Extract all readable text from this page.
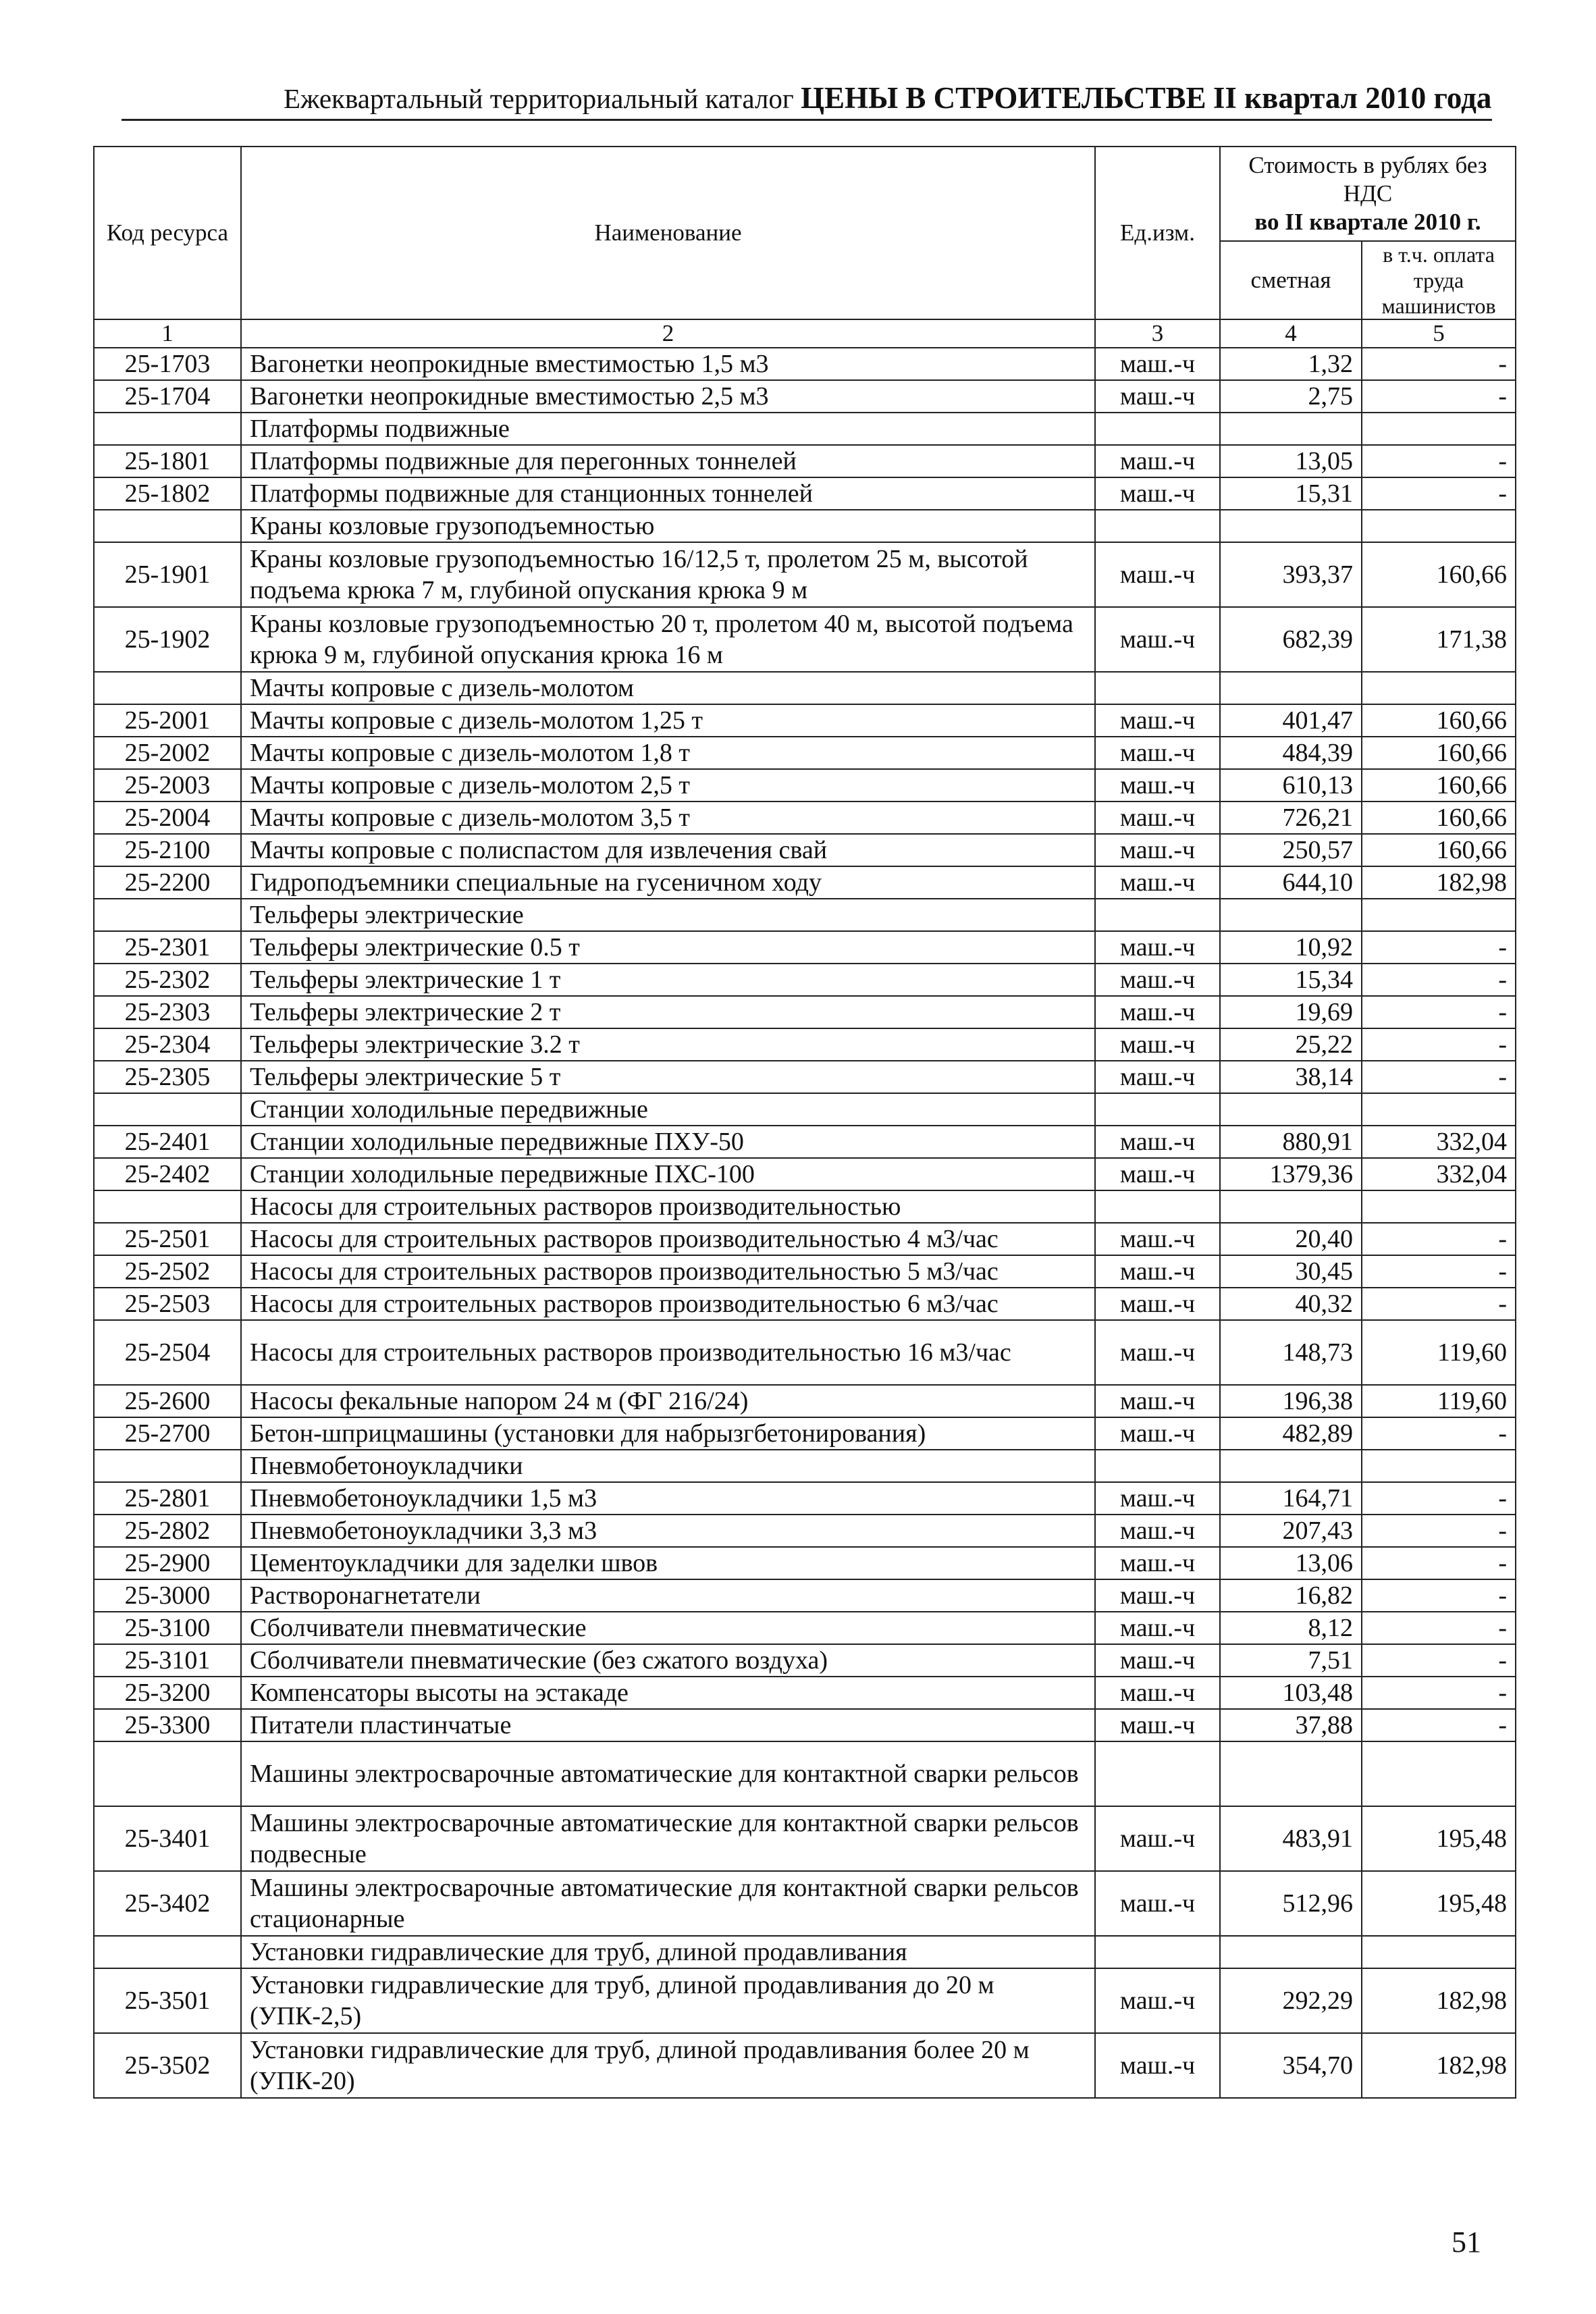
Ежеквартальный территориальный каталог ЦЕНЫ В СТРОИТЕЛЬСТВЕ II квартал 2010 года
Код ресурса	Наименование	Ед.изм.	Стоимость в рублях без НДС
во II квартале 2010 г.	

			сметная	в т.ч. оплата труда машинистов
1	2	3	4	5
25-1703	Вагонетки неопрокидные вместимостью 1,5 м3	маш.-ч	1,32	-
25-1704	Вагонетки неопрокидные вместимостью 2,5 м3	маш.-ч	2,75	-
	Платформы подвижные			
25-1801	Платформы подвижные для перегонных тоннелей	маш.-ч	13,05	-
25-1802	Платформы подвижные для станционных тоннелей	маш.-ч	15,31	-
	Краны козловые грузоподъемностью			
25-1901	Краны козловые грузоподъемностью 16/12,5 т, пролетом 25 м, высотой подъема крюка 7 м, глубиной опускания крюка 9 м	маш.-ч	393,37	160,66
25-1902	Краны козловые грузоподъемностью 20 т, пролетом 40 м, высотой подъема крюка 9 м, глубиной опускания крюка 16 м	маш.-ч	682,39	171,38
	Мачты копровые с дизель-молотом			
25-2001	Мачты копровые с дизель-молотом 1,25 т	маш.-ч	401,47	160,66
25-2002	Мачты копровые с дизель-молотом 1,8 т	маш.-ч	484,39	160,66
25-2003	Мачты копровые с дизель-молотом 2,5 т	маш.-ч	610,13	160,66
25-2004	Мачты копровые с дизель-молотом 3,5 т	маш.-ч	726,21	160,66
25-2100	Мачты копровые с полиспастом для извлечения свай	маш.-ч	250,57	160,66
25-2200	Гидроподъемники специальные на гусеничном ходу	маш.-ч	644,10	182,98
	Тельферы электрические			
25-2301	Тельферы электрические 0.5 т	маш.-ч	10,92	-
25-2302	Тельферы электрические 1 т	маш.-ч	15,34	-
25-2303	Тельферы электрические 2 т	маш.-ч	19,69	-
25-2304	Тельферы электрические 3.2 т	маш.-ч	25,22	-
25-2305	Тельферы электрические 5 т	маш.-ч	38,14	-
	Станции холодильные передвижные			
25-2401	Станции холодильные передвижные ПХУ-50	маш.-ч	880,91	332,04
25-2402	Станции холодильные передвижные ПХС-100	маш.-ч	1379,36	332,04
	Насосы для строительных растворов производительностью			
25-2501	Насосы для строительных растворов производительностью 4 м3/час	маш.-ч	20,40	-
25-2502	Насосы для строительных растворов производительностью 5 м3/час	маш.-ч	30,45	-
25-2503	Насосы для строительных растворов производительностью 6 м3/час	маш.-ч	40,32	-
25-2504	Насосы для строительных растворов производительностью 16 м3/час	маш.-ч	148,73	119,60
25-2600	Насосы фекальные напором 24 м (ФГ 216/24)	маш.-ч	196,38	119,60
25-2700	Бетон-шприцмашины (установки для набрызгбетонирования)	маш.-ч	482,89	-
	Пневмобетоноукладчики			
25-2801	Пневмобетоноукладчики 1,5 м3	маш.-ч	164,71	-
25-2802	Пневмобетоноукладчики 3,3 м3	маш.-ч	207,43	-
25-2900	Цементоукладчики для заделки швов	маш.-ч	13,06	-
25-3000	Растворонагнетатели	маш.-ч	16,82	-
25-3100	Сболчиватели пневматические	маш.-ч	8,12	-
25-3101	Сболчиватели пневматические (без сжатого воздуха)	маш.-ч	7,51	-
25-3200	Компенсаторы высоты на эстакаде	маш.-ч	103,48	-
25-3300	Питатели пластинчатые	маш.-ч	37,88	-
	Машины электросварочные автоматические для контактной сварки рельсов			
25-3401	Машины электросварочные автоматические для контактной сварки рельсов подвесные	маш.-ч	483,91	195,48
25-3402	Машины электросварочные автоматические для контактной сварки рельсов стационарные	маш.-ч	512,96	195,48
	Установки гидравлические для труб, длиной продавливания			
25-3501	Установки гидравлические для труб, длиной продавливания до 20 м (УПК-2,5)	маш.-ч	292,29	182,98
25-3502	Установки гидравлические для труб, длиной продавливания более 20 м (УПК-20)	маш.-ч	354,70	182,98
51
